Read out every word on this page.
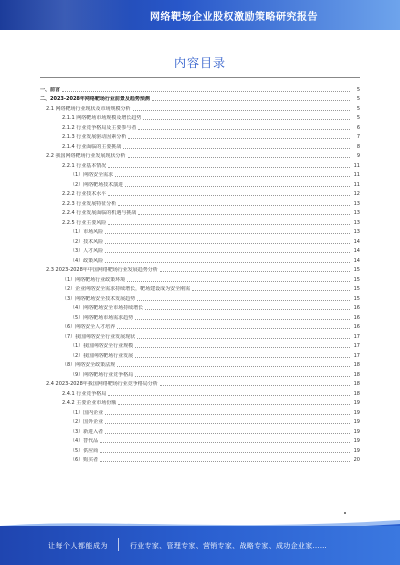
网络靶场企业股权激励策略研究报告
内容目录
一、前言	5
二、2023-2028年网络靶场行业前景及趋势预测	5
2.1 网络靶场行业现状及市场规模分析	5
2.1.1 网络靶场市场规模及增长趋势	5
2.1.2 行业竞争格局及主要参与者	6
2.1.3 行业发展驱动因素分析	7
2.1.4 行业面临的主要挑战	8
2.2 我国网络靶场行业发展现状分析	9
2.2.1 行业基本情况	11
（1）网络安全需求	11
（2）网络靶场技术演进	11
2.2.2 行业技术水平	12
2.2.3 行业发展特征分析	13
2.2.4 行业发展面临的机遇与挑战	13
2.2.5 行业主要风险	13
（1）市场风险	13
（2）技术风险	14
（3）人才风险	14
（4）政策风险	14
2.3 2023-2028年中国网络靶场行业发展趋势分析	15
（1）网络靶场行业政策环境	15
（2）企业网络安全需求持续增长，靶场建设成为安全刚需	15
（3）网络靶场安全技术发展趋势	15
（4）网络靶场安全市场持续增长	16
（5）网络靶场市场需求趋势	16
（6）网络安全人才培养	16
（7）我国网络安全行业发展现状	17
（1）我国网络安全行业规模	17
（2）我国网络靶场行业发展	17
（8）网络安全政策法规	18
（9）网络靶场行业竞争格局	18
2.4 2023-2028年我国网络靶场行业竞争格局分析	18
2.4.1 行业竞争格局	18
2.4.2 主要企业市场份额	19
（1）国内企业	19
（2）国外企业	19
（3）新进入者	19
（4）替代品	19
（5）供应商	19
（6）购买者	20
让每个人都能成为	行业专家、管理专家、营销专家、战略专家、成功企业家……
